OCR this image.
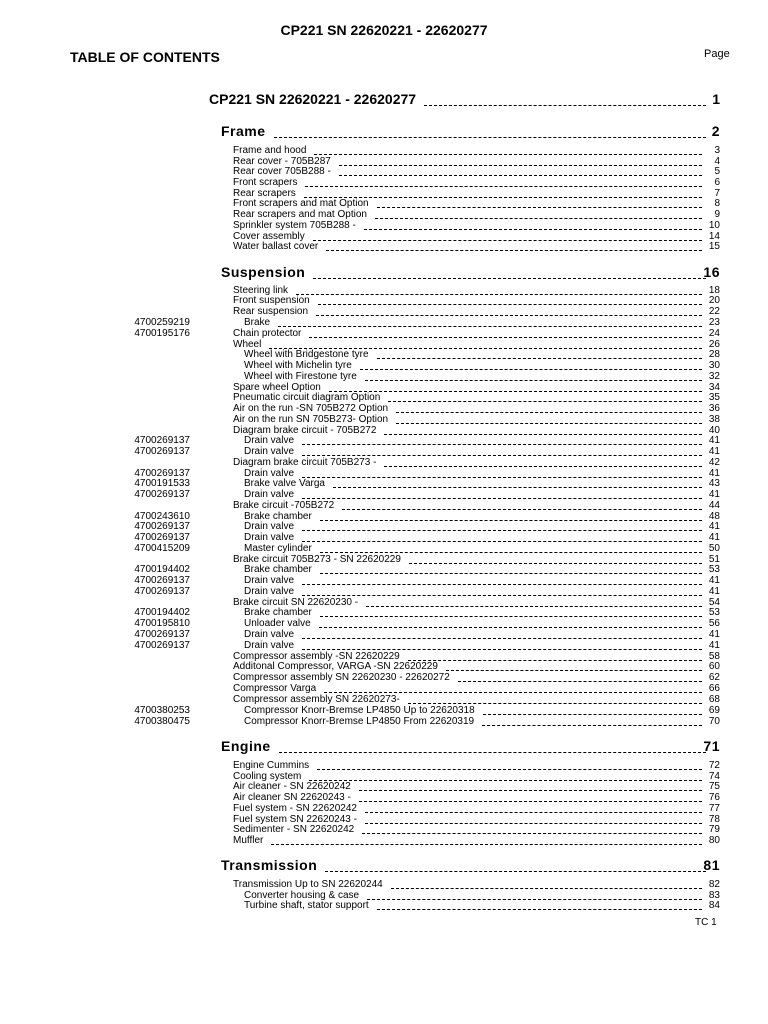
CP221 SN 22620221 - 22620277
TABLE OF CONTENTS	Page
CP221 SN 22620221 - 22620277	1
Frame	2
Frame and hood	3
Rear cover - 705B287	4
Rear cover 705B288 -	5
Front scrapers	6
Rear scrapers	7
Front scrapers and mat Option	8
Rear scrapers and mat Option	9
Sprinkler system 705B288 -	10
Cover assembly	14
Water ballast cover	15
Suspension	16
Steering link	18
Front suspension	20
Rear suspension	22
4700259219	Brake	23
4700195176	Chain protector	24
Wheel	26
Wheel with Bridgestone tyre	28
Wheel with Michelin tyre	30
Wheel with Firestone tyre	32
Spare wheel Option	34
Pneumatic circuit diagram Option	35
Air on the run -SN 705B272 Option	36
Air on the run SN 705B273- Option	38
Diagram brake circuit - 705B272	40
4700269137	Drain valve	41
4700269137	Drain valve	41
Diagram brake circuit 705B273 -	42
4700269137	Drain valve	41
4700191533	Brake valve Varga	43
4700269137	Drain valve	41
Brake circuit -705B272	44
4700243610	Brake chamber	48
4700269137	Drain valve	41
4700269137	Drain valve	41
4700415209	Master cylinder	50
Brake circuit 705B273 - SN 22620229	51
4700194402	Brake chamber	53
4700269137	Drain valve	41
4700269137	Drain valve	41
Brake circuit SN 22620230 -	54
4700194402	Brake chamber	53
4700195810	Unloader valve	56
4700269137	Drain valve	41
4700269137	Drain valve	41
Compressor assembly -SN 22620229	58
Additonal Compressor, VARGA -SN 22620229	60
Compressor assembly SN 22620230 - 22620272	62
Compressor Varga	66
Compressor assembly SN 22620273-	68
4700380253	Compressor Knorr-Bremse LP4850 Up to 22620318	69
4700380475	Compressor Knorr-Bremse LP4850 From 22620319	70
Engine	71
Engine Cummins	72
Cooling system	74
Air cleaner - SN 22620242	75
Air cleaner SN 22620243 -	76
Fuel system - SN 22620242	77
Fuel system SN 22620243 -	78
Sedimenter - SN 22620242	79
Muffler	80
Transmission	81
Transmission Up to SN 22620244	82
Converter housing & case	83
Turbine shaft, stator support	84
TC 1
